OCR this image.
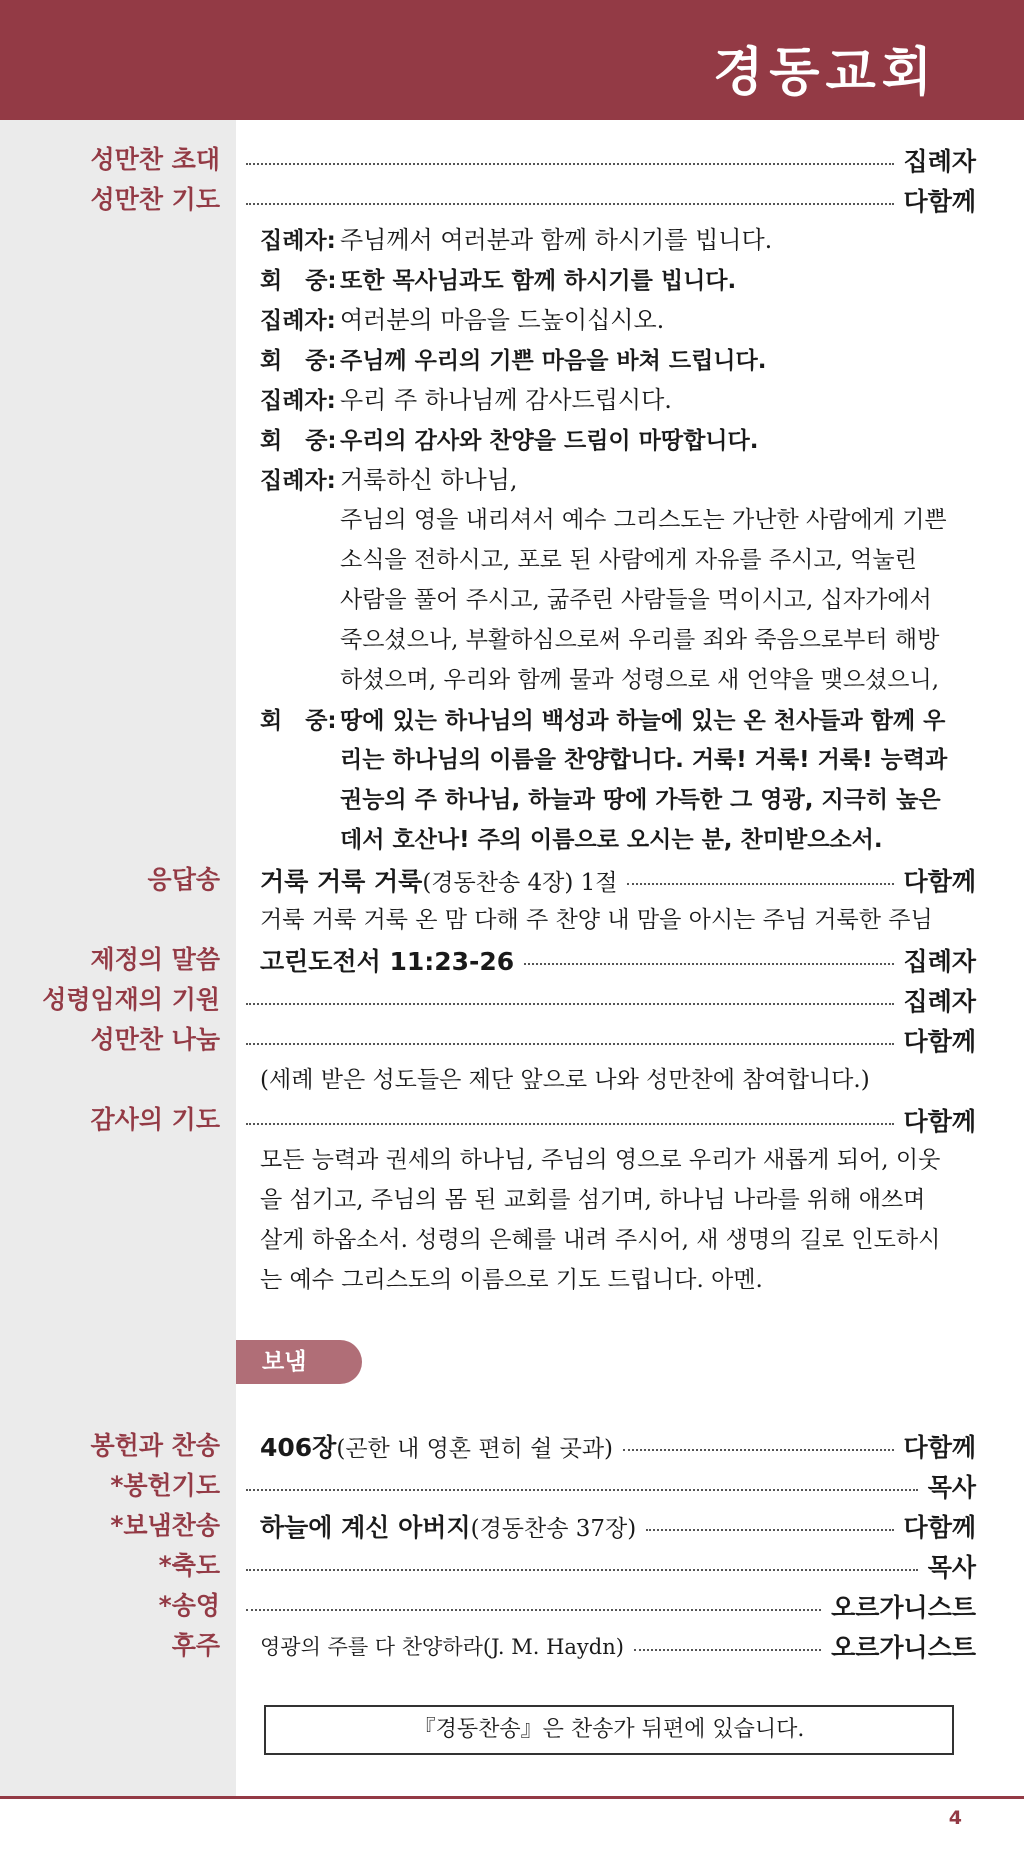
경동교회
성만찬 초대	집례자
성만찬 기도	다함께
집례자: 주님께서 여러분과 함께 하시기를 빕니다.
회　중: 또한 목사님과도 함께 하시기를 빕니다.
집례자: 여러분의 마음을 드높이십시오.
회　중: 주님께 우리의 기쁜 마음을 바쳐 드립니다.
집례자: 우리 주 하나님께 감사드립시다.
회　중: 우리의 감사와 찬양을 드림이 마땅합니다.
집례자: 거룩하신 하나님,
주님의 영을 내리셔서 예수 그리스도는 가난한 사람에게 기쁜
소식을 전하시고, 포로 된 사람에게 자유를 주시고, 억눌린
사람을 풀어 주시고, 굶주린 사람들을 먹이시고, 십자가에서
죽으셨으나, 부활하심으로써 우리를 죄와 죽음으로부터 해방
하셨으며, 우리와 함께 물과 성령으로 새 언약을 맺으셨으니,
회　중: 땅에 있는 하나님의 백성과 하늘에 있는 온 천사들과 함께 우
리는 하나님의 이름을 찬양합니다. 거룩! 거룩! 거룩! 능력과
권능의 주 하나님, 하늘과 땅에 가득한 그 영광, 지극히 높은
데서 호산나! 주의 이름으로 오시는 분, 찬미받으소서.
응답송 거룩 거룩 거룩 (경동찬송 4장) 1절	다함께
거룩 거룩 거룩 온 맘 다해 주 찬양 내 맘을 아시는 주님 거룩한 주님
제정의 말씀 고린도전서 11:23-26	집례자
성령임재의 기원	집례자
성만찬 나눔	다함께
(세례 받은 성도들은 제단 앞으로 나와 성만찬에 참여합니다.)
감사의 기도	다함께
모든 능력과 권세의 하나님, 주님의 영으로 우리가 새롭게 되어, 이웃
을 섬기고, 주님의 몸 된 교회를 섬기며, 하나님 나라를 위해 애쓰며
살게 하옵소서. 성령의 은혜를 내려 주시어, 새 생명의 길로 인도하시
는 예수 그리스도의 이름으로 기도 드립니다. 아멘.
보냄
봉헌과 찬송 406장 (곤한 내 영혼 편히 쉴 곳과)	다함께
*봉헌기도	목사
*보냄찬송 하늘에 계신 아버지 (경동찬송 37장)	다함께
*축도	목사
*송영	오르가니스트
후주 영광의 주를 다 찬양하라(J. M. Haydn)	오르가니스트
『경동찬송』은 찬송가 뒤편에 있습니다.
4
